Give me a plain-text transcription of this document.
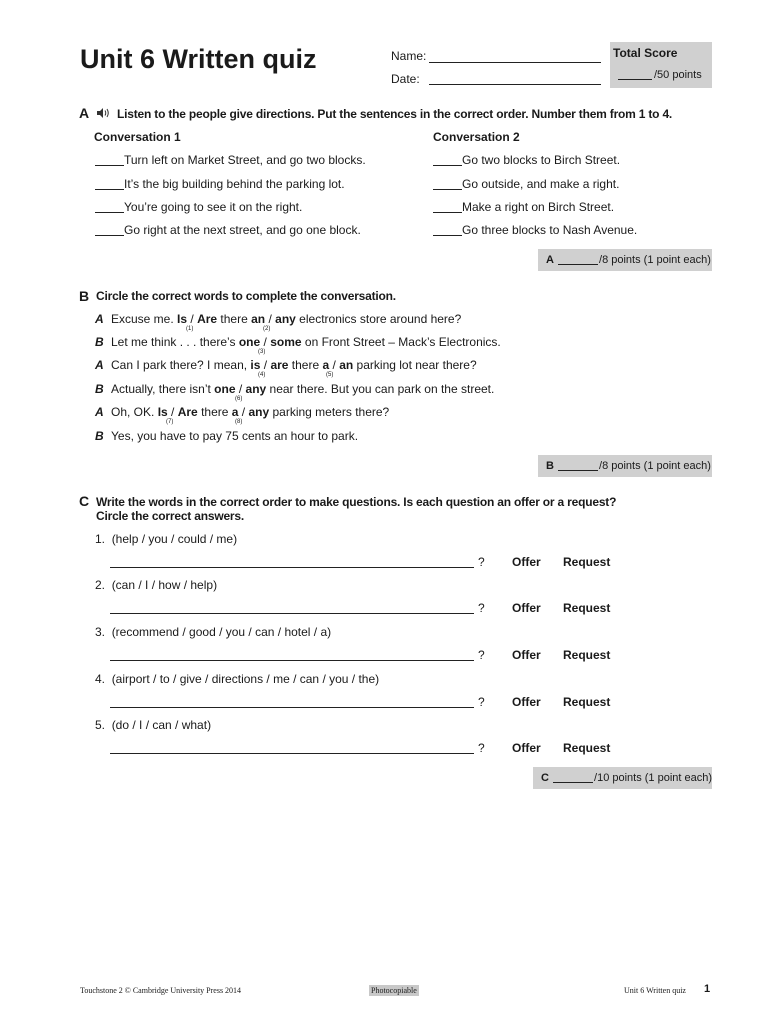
Unit 6 Written quiz	Name:
Date:
Total Score
/50 points
A Listen to the people give directions. Put the sentences in the correct order. Number them from 1 to 4.
Conversation 1	Conversation 2
Turn left on Market Street, and go two blocks.
It’s the big building behind the parking lot.
You’re going to see it on the right.
Go right at the next street, and go one block.
Go two blocks to Birch Street.
Go outside, and make a right.
Make a right on Birch Street.
Go three blocks to Nash Avenue.
A	/8 points (1 point each)
B Circle the correct words to complete the conversation.
A Excuse me. Is / Are there an / any electronics store around here?
(1)	(2)
B Let me think . . . there’s one / some on Front Street – Mack’s Electronics.
(3)
A Can I park there? I mean, is / are there a / an parking lot near there?
(4)	(5)
B Actually, there isn’t one / any near there. But you can park on the street.
(6)
A Oh, OK. Is / Are there a / any parking meters there?
(7)	(8)
B Yes, you have to pay 75 cents an hour to park.
B	/8 points (1 point each)
C Write the words in the correct order to make questions. Is each question an offer or a request?
Circle the correct answers.
1. (help / you / could / me)
? Offer Request
2. (can / I / how / help)
? Offer Request
3. (recommend / good / you / can / hotel / a)
? Offer Request
4. (airport / to / give / directions / me / can / you / the)
? Offer Request
5. (do / I / can / what)
? Offer Request
C	/10 points (1 point each)
Touchstone 2 © Cambridge University Press 2014	Photocopiable	Unit 6 Written quiz 1
